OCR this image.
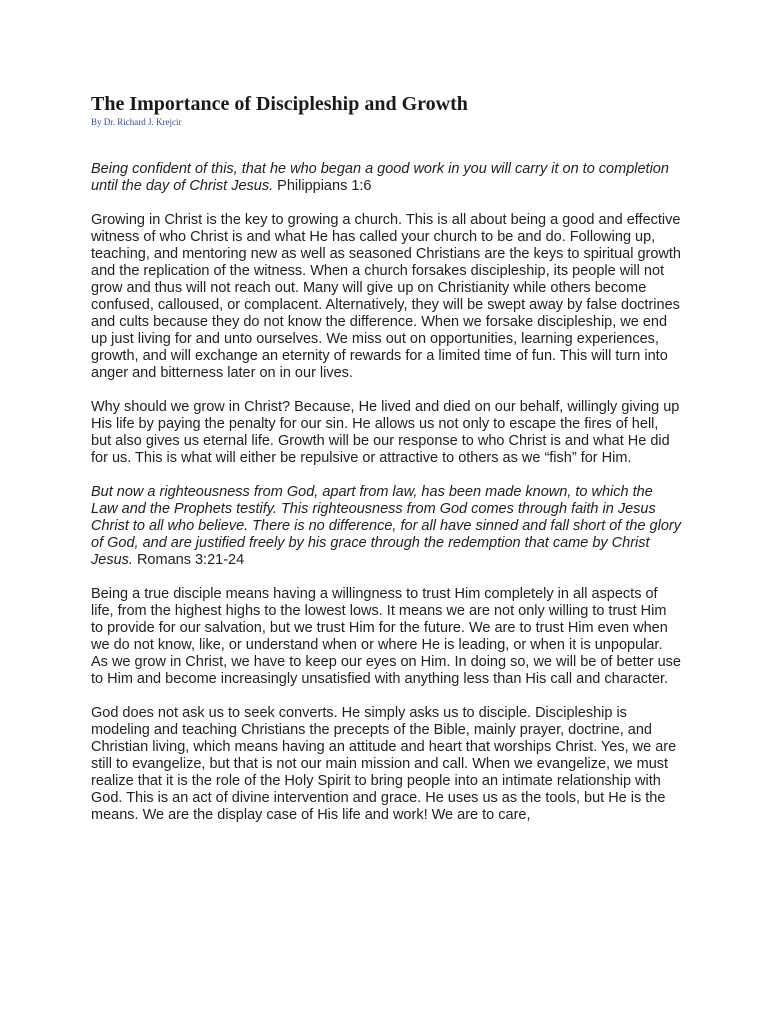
The Importance of Discipleship and Growth
By Dr. Richard J. Krejcir

Being confident of this, that he who began a good work in you will carry it on to completion until the day of Christ Jesus. Philippians 1:6

Growing in Christ is the key to growing a church. This is all about being a good and effective witness of who Christ is and what He has called your church to be and do. Following up, teaching, and mentoring new as well as seasoned Christians are the keys to spiritual growth and the replication of the witness. When a church forsakes discipleship, its people will not grow and thus will not reach out. Many will give up on Christianity while others become confused, calloused, or complacent. Alternatively, they will be swept away by false doctrines and cults because they do not know the difference. When we forsake discipleship, we end up just living for and unto ourselves. We miss out on opportunities, learning experiences, growth, and will exchange an eternity of rewards for a limited time of fun. This will turn into anger and bitterness later on in our lives.

Why should we grow in Christ? Because, He lived and died on our behalf, willingly giving up His life by paying the penalty for our sin. He allows us not only to escape the fires of hell, but also gives us eternal life. Growth will be our response to who Christ is and what He did for us. This is what will either be repulsive or attractive to others as we “fish” for Him.

But now a righteousness from God, apart from law, has been made known, to which the Law and the Prophets testify. This righteousness from God comes through faith in Jesus Christ to all who believe. There is no difference, for all have sinned and fall short of the glory of God, and are justified freely by his grace through the redemption that came by Christ Jesus. Romans 3:21-24

Being a true disciple means having a willingness to trust Him completely in all aspects of life, from the highest highs to the lowest lows. It means we are not only willing to trust Him to provide for our salvation, but we trust Him for the future. We are to trust Him even when we do not know, like, or understand when or where He is leading, or when it is unpopular. As we grow in Christ, we have to keep our eyes on Him. In doing so, we will be of better use to Him and become increasingly unsatisfied with anything less than His call and character.

God does not ask us to seek converts. He simply asks us to disciple. Discipleship is modeling and teaching Christians the precepts of the Bible, mainly prayer, doctrine, and Christian living, which means having an attitude and heart that worships Christ. Yes, we are still to evangelize, but that is not our main mission and call. When we evangelize, we must realize that it is the role of the Holy Spirit to bring people into an intimate relationship with God. This is an act of divine intervention and grace. He uses us as the tools, but He is the means. We are the display case of His life and work! We are to care,
